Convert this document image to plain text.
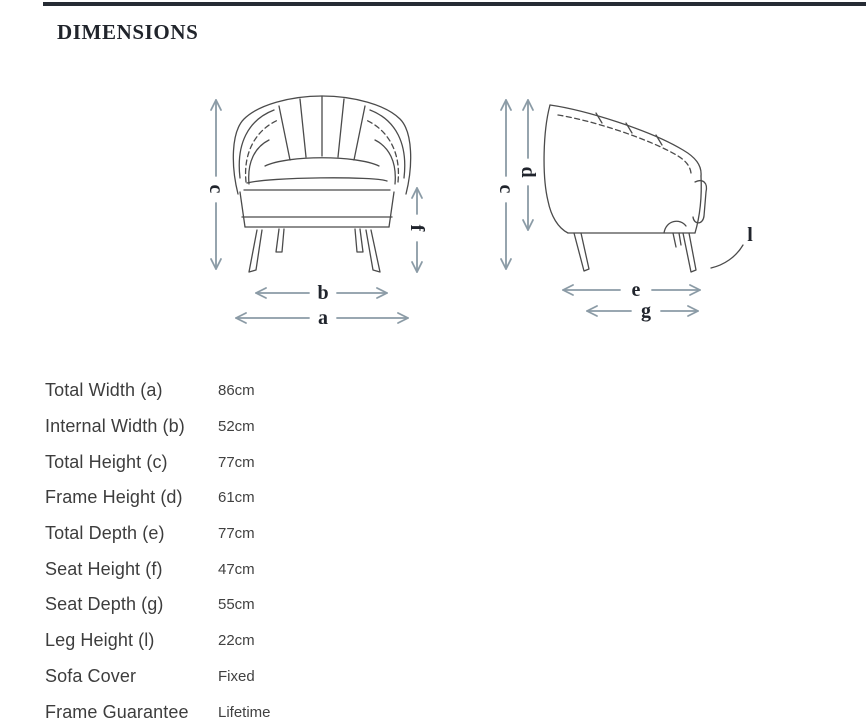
DIMENSIONS
c
f
b
a
c
d
e
g
l
Total Width (a)	86cm
Internal Width (b)	52cm
Total Height (c)	77cm
Frame Height (d)	61cm
Total Depth (e)	77cm
Seat Height (f)	47cm
Seat Depth (g)	55cm
Leg Height (l)	22cm
Sofa Cover	Fixed
Frame Guarantee	Lifetime
